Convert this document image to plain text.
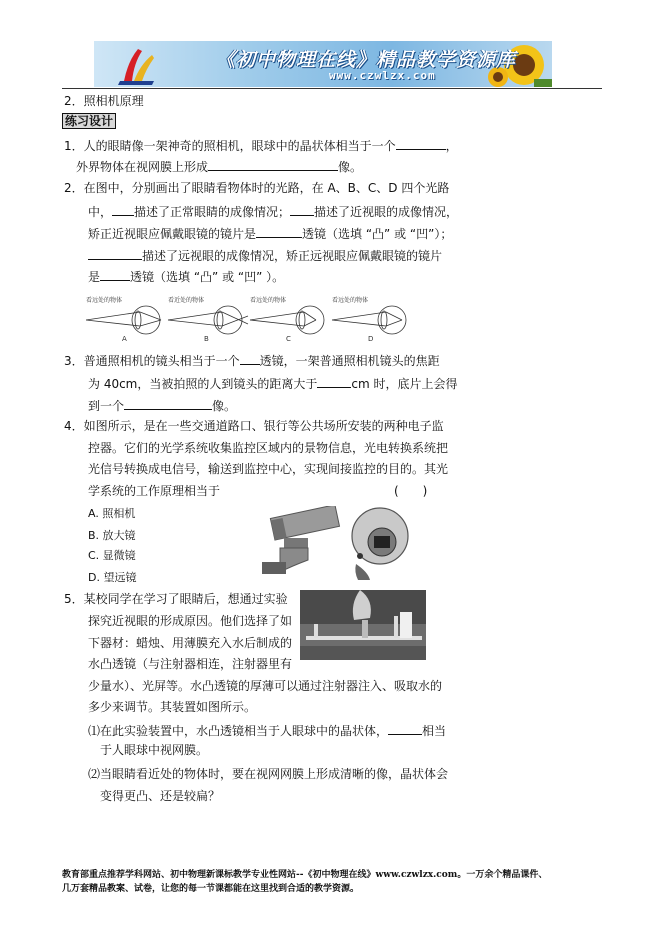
《初中物理在线》精品教学资源库
www.czwlzx.com
2．照相机原理
练习设计
1．人的眼睛像一架神奇的照相机，眼球中的晶状体相当于一个	，
外界物体在视网膜上形成	像。
2．在图中，分别画出了眼睛看物体时的光路，在 A、B、C、D 四个光路
中， 描述了正常眼睛的成像情况； 描述了近视眼的成像情况，
矫正近视眼应佩戴眼镜的镜片是	透镜（选填 “凸” 或 “凹”）；
描述了远视眼的成像情况，矫正远视眼应佩戴眼镜的镜片
是	透镜（选填 “凸” 或 “凹” ）。
看远处的物体
A
看近处的物体
B
看远处的物体
C
看远处的物体
D
3．普通照相机的镜头相当于一个 透镜，一架普通照相机镜头的焦距
为 40cm，当被拍照的人到镜头的距离大于	cm 时，底片上会得
到一个	像。
4．如图所示，是在一些交通道路口、银行等公共场所安装的两种电子监
控器。它们的光学系统收集监控区域内的景物信息，光电转换系统把
光信号转换成电信号，输送到监控中心，实现间接监控的目的。其光
学系统的工作原理相当于	(　　)
A. 照相机
B. 放大镜
C. 显微镜
D. 望远镜
5．某校同学在学习了眼睛后，想通过实验
探究近视眼的形成原因。他们选择了如
下器材：蜡烛、用薄膜充入水后制成的
水凸透镜（与注射器相连，注射器里有
少量水）、光屏等。水凸透镜的厚薄可以通过注射器注入、吸取水的
多少来调节。其装置如图所示。
⑴在此实验装置中，水凸透镜相当于人眼球中的晶状体，	相当
于人眼球中视网膜。
⑵当眼睛看近处的物体时，要在视网网膜上形成清晰的像，晶状体会
变得更凸、还是较扁？
教育部重点推荐学科网站、初中物理新课标教学专业性网站--《初中物理在线》www.czwlzx.com。一万余个精品课件、
几万套精品教案、试卷，让您的每一节课都能在这里找到合适的教学资源。
